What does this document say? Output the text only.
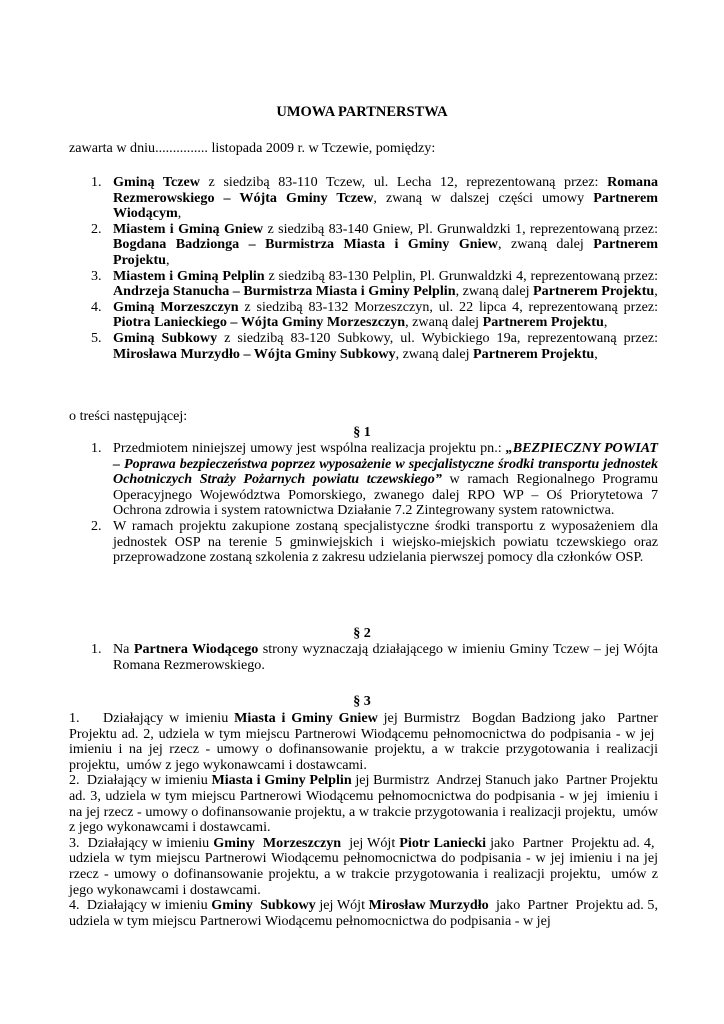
UMOWA PARTNERSTWA
zawarta w dniu............... listopada 2009 r. w Tczewie, pomiędzy:
1. Gminą Tczew z siedzibą 83-110 Tczew, ul. Lecha 12, reprezentowaną przez: Romana Rezmerowskiego – Wójta Gminy Tczew, zwaną w dalszej części umowy Partnerem Wiodącym,
2. Miastem i Gminą Gniew z siedzibą 83-140 Gniew, Pl. Grunwaldzki 1, reprezentowaną przez: Bogdana Badzionga – Burmistrza Miasta i Gminy Gniew, zwaną dalej Partnerem Projektu,
3. Miastem i Gminą Pelplin z siedzibą 83-130 Pelplin, Pl. Grunwaldzki 4, reprezentowaną przez: Andrzeja Stanucha – Burmistrza Miasta i Gminy Pelplin, zwaną dalej Partnerem Projektu,
4. Gminą Morzeszczyn z siedzibą 83-132 Morzeszczyn, ul. 22 lipca 4, reprezentowaną przez: Piotra Lanieckiego – Wójta Gminy Morzeszczyn, zwaną dalej Partnerem Projektu,
5. Gminą Subkowy z siedzibą 83-120 Subkowy, ul. Wybickiego 19a, reprezentowaną przez: Mirosława Murzydło – Wójta Gminy Subkowy, zwaną dalej Partnerem Projektu,
o treści następującej:
§ 1
1. Przedmiotem niniejszej umowy jest wspólna realizacja projektu pn.: „BEZPIECZNY POWIAT – Poprawa bezpieczeństwa poprzez wyposażenie w specjalistyczne środki transportu jednostek Ochotniczych Straży Pożarnych powiatu tczewskiego” w ramach Regionalnego Programu Operacyjnego Województwa Pomorskiego, zwanego dalej RPO WP – Oś Priorytetowa 7 Ochrona zdrowia i system ratownictwa Działanie 7.2 Zintegrowany system ratownictwa.
2. W ramach projektu zakupione zostaną specjalistyczne środki transportu z wyposażeniem dla jednostek OSP na terenie 5 gminwiejskich i wiejsko-miejskich powiatu tczewskiego oraz przeprowadzone zostaną szkolenia z zakresu udzielania pierwszej pomocy dla członków OSP.
§ 2
1. Na Partnera Wiodącego strony wyznaczają działającego w imieniu Gminy Tczew – jej Wójta Romana Rezmerowskiego.
§ 3

1.    Działający w imieniu Miasta i Gminy Gniew jej Burmistrz  Bogdan Badziong jako  Partner Projektu ad. 2, udziela w tym miejscu Partnerowi Wiodącemu pełnomocnictwa do podpisania - w jej  imieniu i na jej rzecz - umowy o dofinansowanie projektu, a w trakcie przygotowania i realizacji projektu,  umów z jego wykonawcami i dostawcami.

2.  Działający w imieniu Miasta i Gminy Pelplin jej Burmistrz  Andrzej Stanuch jako  Partner Projektu ad. 3, udziela w tym miejscu Partnerowi Wiodącemu pełnomocnictwa do podpisania - w jej  imieniu i na jej rzecz - umowy o dofinansowanie projektu, a w trakcie przygotowania i realizacji projektu,  umów z jego wykonawcami i dostawcami.

3.  Działający w imieniu Gminy  Morzeszczyn  jej Wójt Piotr Laniecki jako  Partner  Projektu ad. 4,  udziela w tym miejscu Partnerowi Wiodącemu pełnomocnictwa do podpisania - w jej imieniu i na jej rzecz - umowy o dofinansowanie projektu, a w trakcie przygotowania i realizacji projektu,  umów z jego wykonawcami i dostawcami.

4.  Działający w imieniu Gminy  Subkowy jej Wójt Mirosław Murzydło  jako  Partner  Projektu ad. 5, udziela w tym miejscu Partnerowi Wiodącemu pełnomocnictwa do podpisania - w jej
